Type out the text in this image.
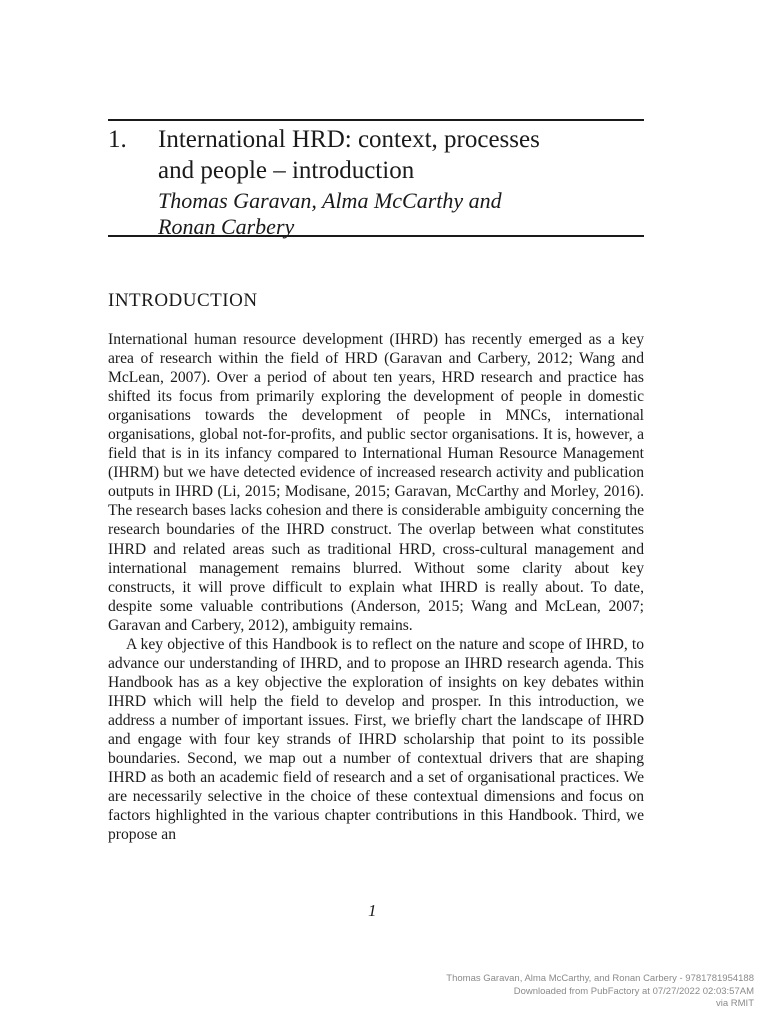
1.	International HRD: context, processes
and people – introduction
Thomas Garavan, Alma McCarthy and
Ronan Carbery
INTRODUCTION

International human resource development (IHRD) has recently emerged as a key area of research within the field of HRD (Garavan and Carbery, 2012; Wang and McLean, 2007). Over a period of about ten years, HRD research and practice has shifted its focus from primarily exploring the development of people in domestic organisations towards the development of people in MNCs, international organisations, global not-for-profits, and public sector organisations. It is, however, a field that is in its infancy compared to International Human Resource Management (IHRM) but we have detected evidence of increased research activity and publication outputs in IHRD (Li, 2015; Modisane, 2015; Garavan, McCarthy and Morley, 2016). The research bases lacks cohesion and there is considerable ambiguity concerning the research boundaries of the IHRD construct. The overlap between what constitutes IHRD and related areas such as traditional HRD, cross-cultural management and international management remains blurred. Without some clarity about key constructs, it will prove difficult to explain what IHRD is really about. To date, despite some valuable contributions (Anderson, 2015; Wang and McLean, 2007; Garavan and Carbery, 2012), ambiguity remains.

A key objective of this Handbook is to reflect on the nature and scope of IHRD, to advance our understanding of IHRD, and to propose an IHRD research agenda. This Handbook has as a key objective the exploration of insights on key debates within IHRD which will help the field to develop and prosper. In this introduction, we address a number of important issues. First, we briefly chart the landscape of IHRD and engage with four key strands of IHRD scholarship that point to its possible boundaries. Second, we map out a number of contextual drivers that are shaping IHRD as both an academic field of research and a set of organisational practices. We are necessarily selective in the choice of these contextual dimensions and focus on factors highlighted in the various chapter contributions in this Handbook. Third, we propose an

1
Thomas Garavan, Alma McCarthy, and Ronan Carbery - 9781781954188
Downloaded from PubFactory at 07/27/2022 02:03:57AM
via RMIT
